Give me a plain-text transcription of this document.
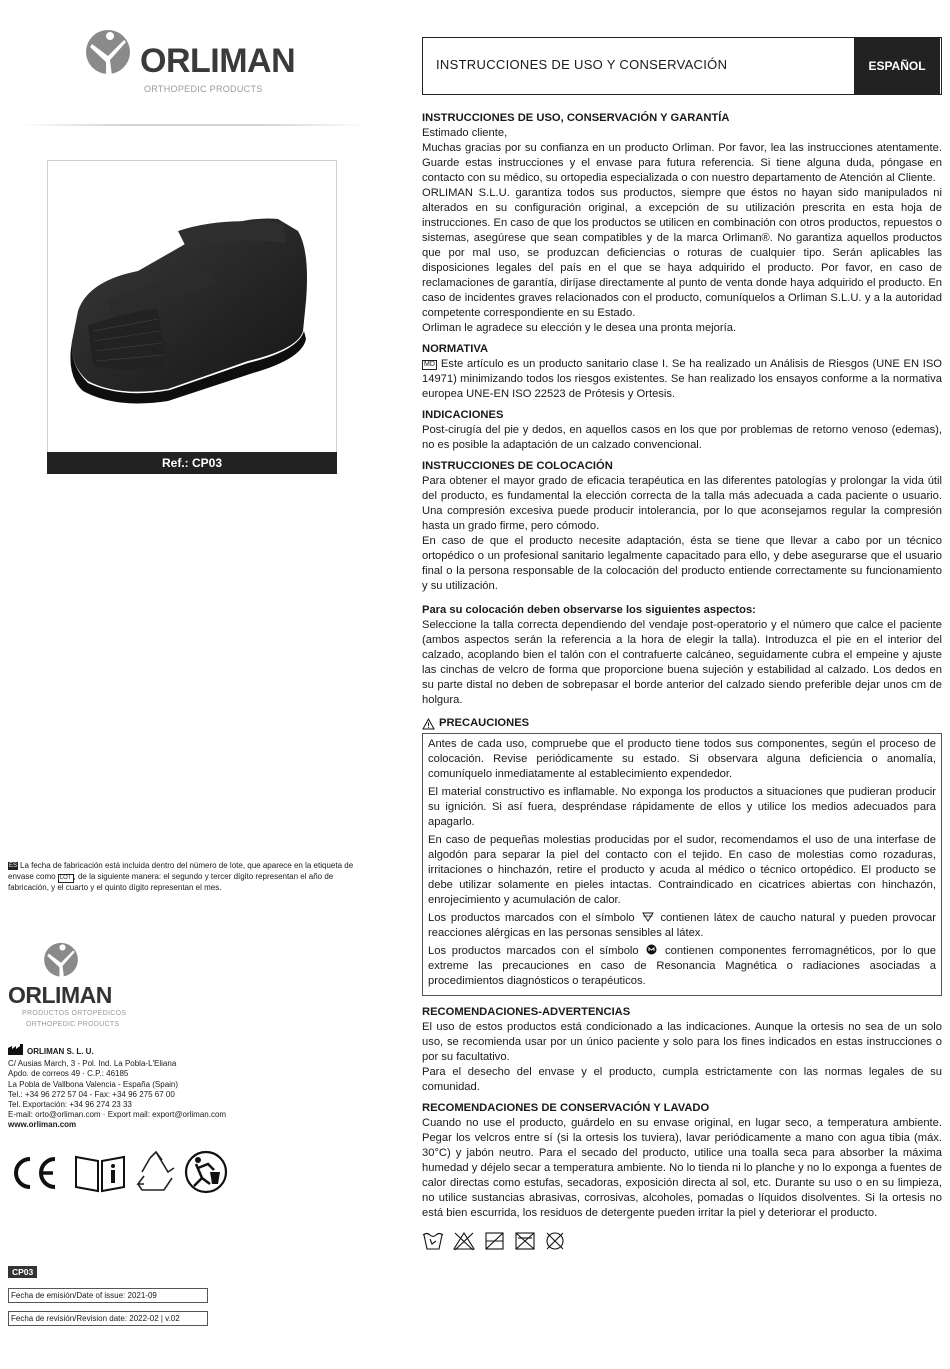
ORLIMAN
ORTHOPEDIC PRODUCTS
Ref.: CP03
ES La fecha de fabricación está incluida dentro del número de lote, que aparece en la etiqueta de envase como LOT , de la siguiente manera: el segundo y tercer dígito representan el año de fabricación, y el cuarto y el quinto dígito representan el mes.
ORLIMAN
PRODUCTOS ORTOPÉDICOS
ORTHOPEDIC PRODUCTS
ORLIMAN S. L. U.
C/ Ausias March, 3 - Pol. Ind. La Pobla-L'Eliana
Apdo. de correos 49 · C.P.: 46185
La Pobla de Vallbona Valencia - España (Spain)
Tel.: +34 96 272 57 04 - Fax: +34 96 275 67 00
Tel. Exportación: +34 96 274 23 33
E-mail: orto@orliman.com · Export mail: export@orliman.com
www.orliman.com
CP03
Fecha de emisión/Date of issue: 2021-09
Fecha de revisión/Revision date: 2022-02 | v.02
INSTRUCCIONES DE USO Y CONSERVACIÓN	ESPAÑOL
INSTRUCCIONES DE USO, CONSERVACIÓN Y GARANTÍA

Estimado cliente,

Muchas gracias por su confianza en un producto Orliman. Por favor, lea las instrucciones atentamente. Guarde estas instrucciones y el envase para futura referencia. Si tiene alguna duda, póngase en contacto con su médico, su ortopedia especializada o con nuestro departamento de Atención al Cliente.

ORLIMAN S.L.U. garantiza todos sus productos, siempre que éstos no hayan sido manipulados ni alterados en su configuración original, a excepción de su utilización prescrita en esta hoja de instrucciones. En caso de que los productos se utilicen en combinación con otros productos, repuestos o sistemas, asegúrese que sean compatibles y de la marca Orliman®. No garantiza aquellos productos que por mal uso, se produzcan deficiencias o roturas de cualquier tipo. Serán aplicables las disposiciones legales del país en el que se haya adquirido el producto. Por favor, en caso de reclamaciones de garantía, diríjase directamente al punto de venta donde haya adquirido el producto. En caso de incidentes graves relacionados con el producto, comuníquelos a Orliman S.L.U. y a la autoridad competente correspondiente en su Estado.

Orliman le agradece su elección y le desea una pronta mejoría.

NORMATIVA

MD Este artículo es un producto sanitario clase I. Se ha realizado un Análisis de Riesgos (UNE EN ISO 14971) minimizando todos los riesgos existentes. Se han realizado los ensayos conforme a la normativa europea UNE-EN ISO 22523 de Prótesis y Ortesis.

INDICACIONES

Post-cirugía del pie y dedos, en aquellos casos en los que por problemas de retorno venoso (edemas), no es posible la adaptación de un calzado convencional.

INSTRUCCIONES DE COLOCACIÓN

Para obtener el mayor grado de eficacia terapéutica en las diferentes patologías y prolongar la vida útil del producto, es fundamental la elección correcta de la talla más adecuada a cada paciente o usuario. Una compresión excesiva puede producir intolerancia, por lo que aconsejamos regular la compresión hasta un grado firme, pero cómodo.

En caso de que el producto necesite adaptación, ésta se tiene que llevar a cabo por un técnico ortopédico o un profesional sanitario legalmente capacitado para ello, y debe asegurarse que el usuario final o la persona responsable de la colocación del producto entiende correctamente su funcionamiento y su utilización.

Para su colocación deben observarse los siguientes aspectos:

Seleccione la talla correcta dependiendo del vendaje post-operatorio y el número que calce el paciente (ambos aspectos serán la referencia a la hora de elegir la talla). Introduzca el pie en el interior del calzado, acoplando bien el talón con el contrafuerte calcáneo, seguidamente cubra el empeine y ajuste las cinchas de velcro de forma que proporcione buena sujeción y estabilidad al calzado. Los dedos en su parte distal no deben de sobrepasar el borde anterior del calzado siendo preferible dejar unos cm de holgura.

PRECAUCIONES

Antes de cada uso, compruebe que el producto tiene todos sus componentes, según el proceso de colocación. Revise periódicamente su estado. Si observara alguna deficiencia o anomalía, comuníquelo inmediatamente al establecimiento expendedor.

El material constructivo es inflamable. No exponga los productos a situaciones que pudieran producir su ignición. Si así fuera, despréndase rápidamente de ellos y utilice los medios adecuados para apagarlo.

En caso de pequeñas molestias producidas por el sudor, recomendamos el uso de una interfase de algodón para separar la piel del contacto con el tejido. En caso de molestias como rozaduras, irritaciones o hinchazón, retire el producto y acuda al médico o técnico ortopédico. El producto se debe utilizar solamente en pieles intactas. Contraindicado en cicatrices abiertas con hinchazón, enrojecimiento y acumulación de calor.

Los productos marcados con el símbolo	LATEX contienen látex de caucho natural y pueden provocar reacciones alérgicas en las personas sensibles al látex.

Los productos marcados con el símbolo contienen componentes ferromagnéticos, por lo que extreme las precauciones en caso de Resonancia Magnética o radiaciones asociadas a procedimientos diagnósticos o terapéuticos.

RECOMENDACIONES-ADVERTENCIAS

El uso de estos productos está condicionado a las indicaciones. Aunque la ortesis no sea de un solo uso, se recomienda usar por un único paciente y solo para los fines indicados en estas instrucciones o por su facultativo.

Para el desecho del envase y el producto, cumpla estrictamente con las normas legales de su comunidad.

RECOMENDACIONES DE CONSERVACIÓN Y LAVADO

Cuando no use el producto, guárdelo en su envase original, en lugar seco, a temperatura ambiente. Pegar los velcros entre sí (si la ortesis los tuviera), lavar periódicamente a mano con agua tibia (máx. 30°C) y jabón neutro. Para el secado del producto, utilice una toalla seca para absorber la máxima humedad y déjelo secar a temperatura ambiente. No lo tienda ni lo planche y no lo exponga a fuentes de calor directas como estufas, secadoras, exposición directa al sol, etc. Durante su uso o en su limpieza, no utilice sustancias abrasivas, corrosivas, alcoholes, pomadas o líquidos disolventes. Si la ortesis no está bien escurrida, los residuos de detergente pueden irritar la piel y deteriorar el producto.
